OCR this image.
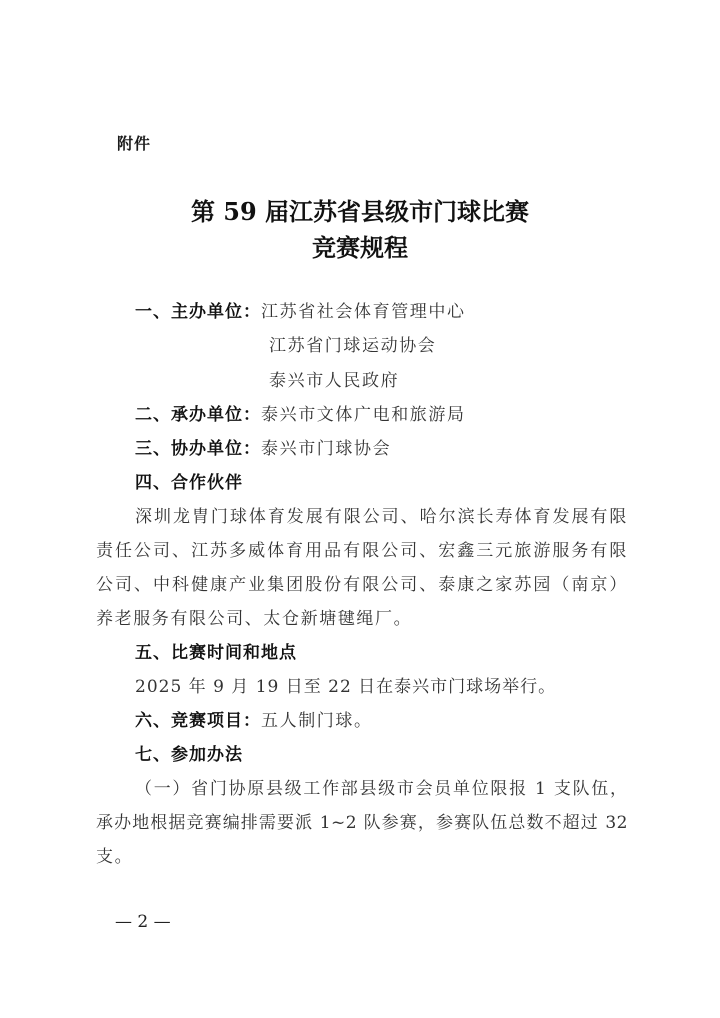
附件
第 59 届江苏省县级市门球比赛
竞赛规程
一、主办单位：江苏省社会体育管理中心
江苏省门球运动协会
泰兴市人民政府
二、承办单位：泰兴市文体广电和旅游局
三、协办单位：泰兴市门球协会
四、合作伙伴
深圳龙胄门球体育发展有限公司、哈尔滨长寿体育发展有限
责任公司、江苏多威体育用品有限公司、宏鑫三元旅游服务有限
公司、中科健康产业集团股份有限公司、泰康之家苏园（南京）
养老服务有限公司、太仓新塘毽绳厂。
五、比赛时间和地点
2025 年 9 月 19 日至 22 日在泰兴市门球场举行。
六、竞赛项目：五人制门球。
七、参加办法
（一）省门协原县级工作部县级市会员单位限报 1 支队伍，
承办地根据竞赛编排需要派 1~2 队参赛，参赛队伍总数不超过 32
支。
— 2 —
